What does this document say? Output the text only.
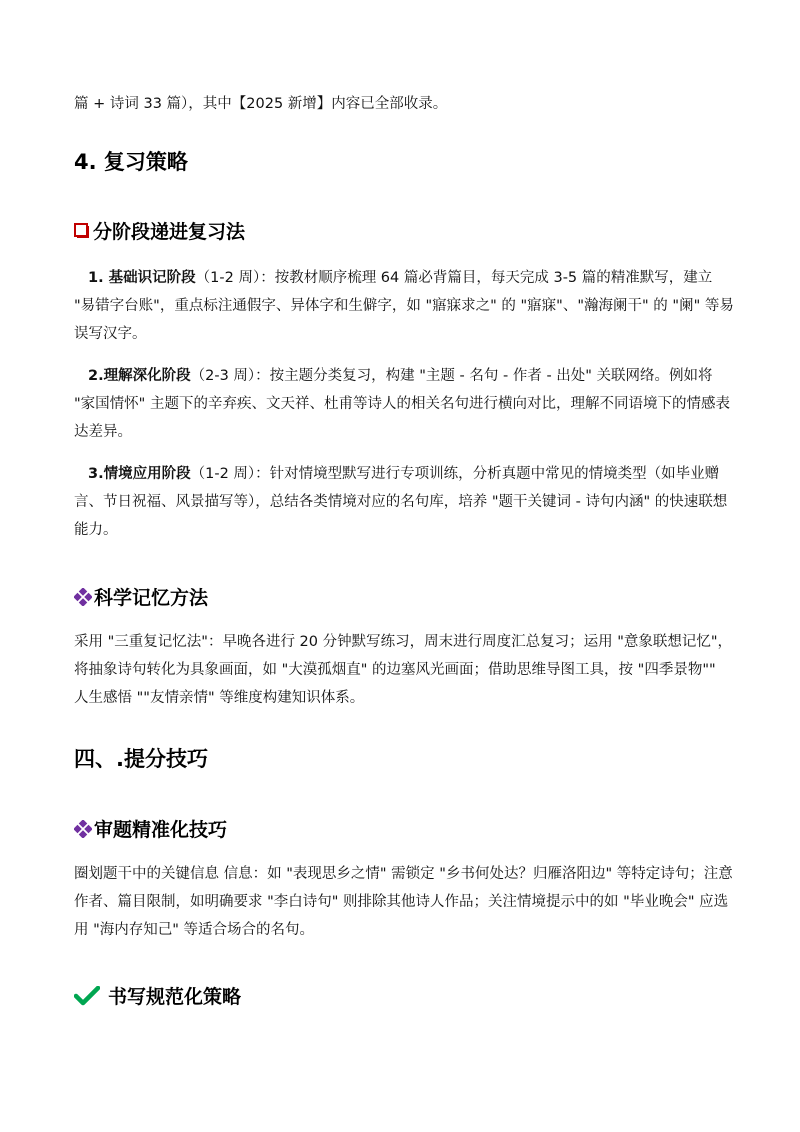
篇 + 诗词 33 篇），其中【2025 新增】内容已全部收录。
4. 复习策略
分阶段递进复习法
1. 基础识记阶段（1-2 周）：按教材顺序梳理 64 篇必背篇目，每天完成 3-5 篇的精准默写，建立 "易错字台账"，重点标注通假字、异体字和生僻字，如 "寤寐求之" 的 "寤寐"、"瀚海阑干" 的 "阑" 等易误写汉字。
2.理解深化阶段（2-3 周）：按主题分类复习，构建 "主题 - 名句 - 作者 - 出处" 关联网络。例如将 "家国情怀" 主题下的辛弃疾、文天祥、杜甫等诗人的相关名句进行横向对比，理解不同语境下的情感表达差异。
3.情境应用阶段（1-2 周）：针对情境型默写进行专项训练，分析真题中常见的情境类型（如毕业赠言、节日祝福、风景描写等），总结各类情境对应的名句库，培养 "题干关键词 - 诗句内涵" 的快速联想能力。
科学记忆方法
采用 "三重复记忆法"：早晚各进行 20 分钟默写练习，周末进行周度汇总复习；运用 "意象联想记忆"，将抽象诗句转化为具象画面，如 "大漠孤烟直" 的边塞风光画面；借助思维导图工具，按 "四季景物"" 人生感悟 ""友情亲情" 等维度构建知识体系。
四、.提分技巧
审题精准化技巧
圈划题干中的关键信息 信息：如 "表现思乡之情" 需锁定 "乡书何处达？归雁洛阳边" 等特定诗句；注意作者、篇目限制，如明确要求 "李白诗句" 则排除其他诗人作品；关注情境提示中的如 "毕业晚会" 应选用 "海内存知己" 等适合场合的名句。
书写规范化策略
